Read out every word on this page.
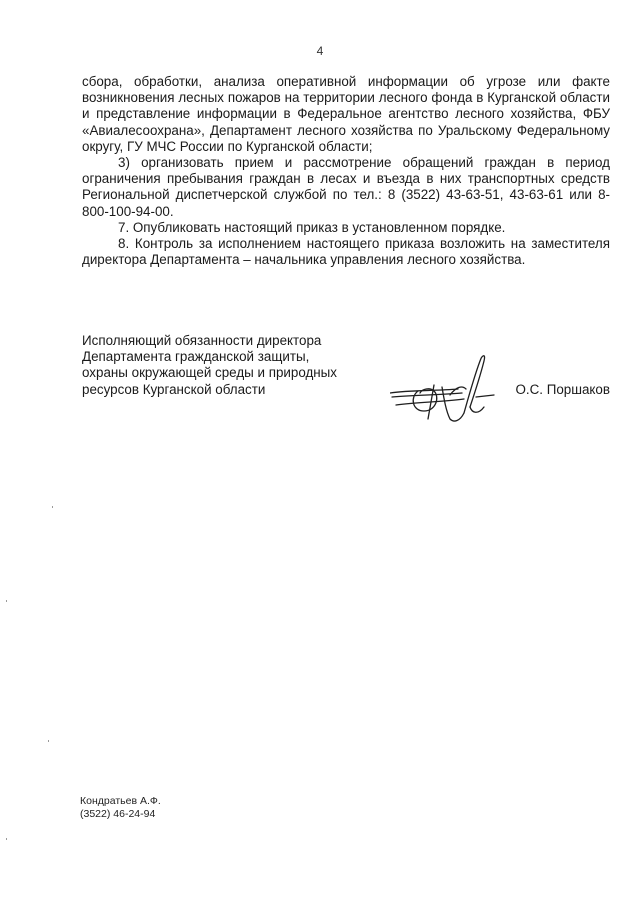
4

сбора, обработки, анализа оперативной информации об угрозе или факте возникновения лесных пожаров на территории лесного фонда в Курганской области и представление информации в Федеральное агентство лесного хозяйства, ФБУ «Авиалесоохрана», Департамент лесного хозяйства по Уральскому Федеральному округу, ГУ МЧС России по Курганской области;

3) организовать прием и рассмотрение обращений граждан в период ограничения пребывания граждан в лесах и въезда в них транспортных средств Региональной диспетчерской службой по тел.: 8 (3522) 43-63-51, 43-63-61 или 8-800-100-94-00.

7. Опубликовать настоящий приказ в установленном порядке.

8. Контроль за исполнением настоящего приказа возложить на заместителя директора Департамента – начальника управления лесного хозяйства.

Исполняющий обязанности директора
Департамента гражданской защиты,
охраны окружающей среды и природных
ресурсов Курганской области	О.С. Поршаков
Кондратьев А.Ф.
(3522) 46-24-94
